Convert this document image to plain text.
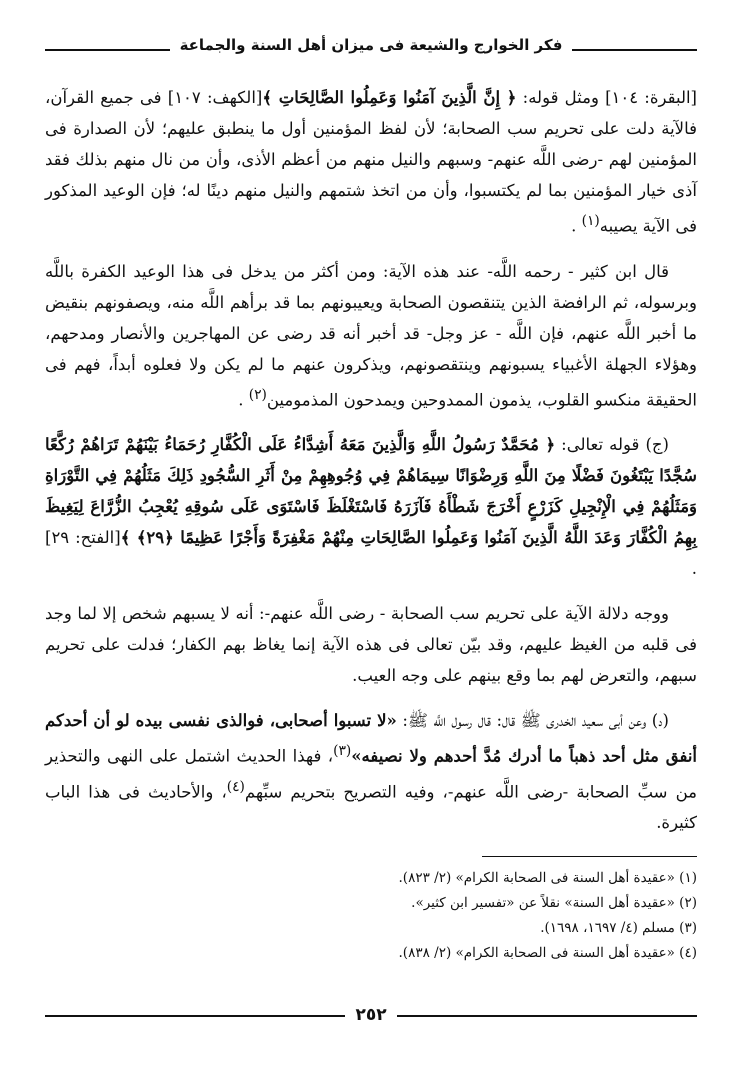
فكر الخوارج والشيعة فى ميزان أهل السنة والجماعة

[البقرة: ١٠٤] ومثل قوله: ﴿ إِنَّ الَّذِينَ آمَنُوا وَعَمِلُوا الصَّالِحَاتِ ﴾[الكهف: ١٠٧] فى جميع القرآن، فالآية دلت على تحريم سب الصحابة؛ لأن لفظ المؤمنين أول ما ينطبق عليهم؛ لأن الصدارة فى المؤمنين لهم -رضى اللَّه عنهم- وسبهم والنيل منهم من أعظم الأذى، وأن من نال منهم بذلك فقد آذى خيار المؤمنين بما لم يكتسبوا، وأن من اتخذ شتمهم والنيل منهم دينًا له؛ فإن الوعيد المذكور فى الآية يصيبه$^{(١)}$ .

قال ابن كثير - رحمه اللَّه- عند هذه الآية: ومن أكثر من يدخل فى هذا الوعيد الكفرة باللَّه وبرسوله، ثم الرافضة الذين يتنقصون الصحابة ويعيبونهم بما قد برأهم اللَّه منه، ويصفونهم بنقيض ما أخبر اللَّه عنهم، فإن اللَّه - عز وجل- قد أخبر أنه قد رضى عن المهاجرين والأنصار ومدحهم، وهؤلاء الجهلة الأغبياء يسبونهم وينتقصونهم، ويذكرون عنهم ما لم يكن ولا فعلوه أبداً، فهم فى الحقيقة منكسو القلوب، يذمون الممدوحين ويمدحون المذمومين$^{(٢)}$ .

(ج) قوله تعالى: ﴿ مُحَمَّدٌ رَسُولُ اللَّهِ وَالَّذِينَ مَعَهُ أَشِدَّاءُ عَلَى الْكُفَّارِ رُحَمَاءُ بَيْنَهُمْ تَرَاهُمْ رُكَّعًا سُجَّدًا يَبْتَغُونَ فَضْلًا مِنَ اللَّهِ وَرِضْوَانًا سِيمَاهُمْ فِي وُجُوهِهِمْ مِنْ أَثَرِ السُّجُودِ ذَلِكَ مَثَلُهُمْ فِي التَّوْرَاةِ وَمَثَلُهُمْ فِي الْإِنْجِيلِ كَزَرْعٍ أَخْرَجَ شَطْأَهُ فَآزَرَهُ فَاسْتَغْلَظَ فَاسْتَوَى عَلَى سُوقِهِ يُعْجِبُ الزُّرَّاعَ لِيَغِيظَ بِهِمُ الْكُفَّارَ وَعَدَ اللَّهُ الَّذِينَ آمَنُوا وَعَمِلُوا الصَّالِحَاتِ مِنْهُمْ مَغْفِرَةً وَأَجْرًا عَظِيمًا ﴿٢٩﴾ ﴾[الفتح: ٢٩] .

ووجه دلالة الآية على تحريم سب الصحابة - رضى اللَّه عنهم-: أنه لا يسبهم شخص إلا لما وجد فى قلبه من الغيظ عليهم، وقد بيّن تعالى فى هذه الآية إنما يغاظ بهم الكفار؛ فدلت على تحريم سبهم، والتعرض لهم بما وقع بينهم على وجه العيب.

(د) وعن أبى سعيد الخدرى ﷺ قال: قال رسول اللَّه ﷺ: «لا تسبوا أصحابى، فوالذى نفسى بيده لو أن أحدكم أنفق مثل أحد ذهباً ما أدرك مُدَّ أحدهم ولا نصيفه»$^{(٣)}$، فهذا الحديث اشتمل على النهى والتحذير من سبِّ الصحابة -رضى اللَّه عنهم-، وفيه التصريح بتحريم سبِّهم$^{(٤)}$، والأحاديث فى هذا الباب كثيرة.

(١) «عقيدة أهل السنة فى الصحابة الكرام» (٢/ ٨٢٣).
(٢) «عقيدة أهل السنة» نقلاً عن «تفسير ابن كثير».
(٣) مسلم (٤/ ١٦٩٧، ١٦٩٨).
(٤) «عقيدة أهل السنة فى الصحابة الكرام» (٢/ ٨٣٨).
٢٥٢
